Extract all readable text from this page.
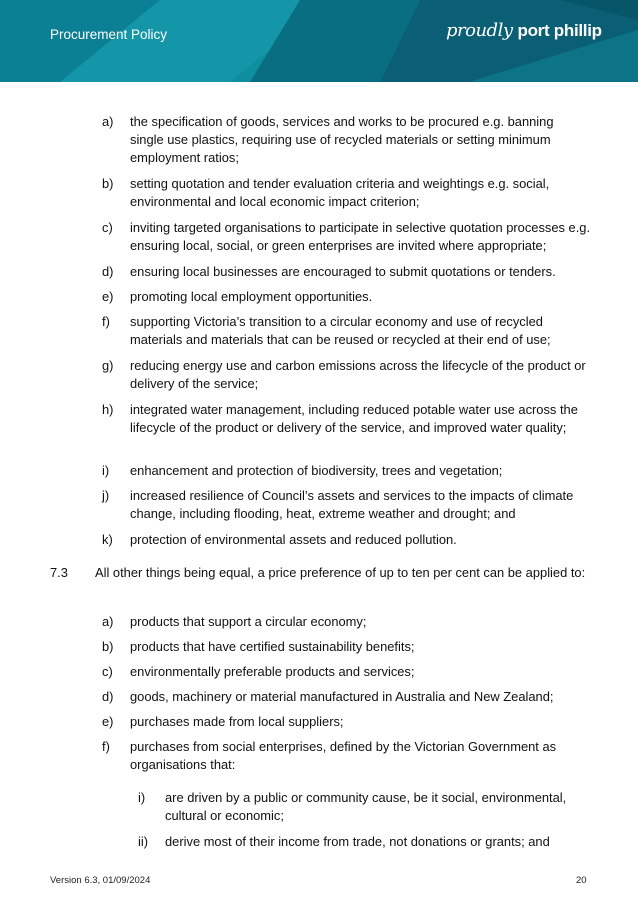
Procurement Policy	proudly port phillip
a) the specification of goods, services and works to be procured e.g. banning single use plastics, requiring use of recycled materials or setting minimum employment ratios;
b) setting quotation and tender evaluation criteria and weightings e.g. social, environmental and local economic impact criterion;
c) inviting targeted organisations to participate in selective quotation processes e.g. ensuring local, social, or green enterprises are invited where appropriate;
d) ensuring local businesses are encouraged to submit quotations or tenders.
e) promoting local employment opportunities.
f) supporting Victoria’s transition to a circular economy and use of recycled materials and materials that can be reused or recycled at their end of use;
g) reducing energy use and carbon emissions across the lifecycle of the product or delivery of the service;
h) integrated water management, including reduced potable water use across the lifecycle of the product or delivery of the service, and improved water quality;
i) enhancement and protection of biodiversity, trees and vegetation;
j) increased resilience of Council’s assets and services to the impacts of climate change, including flooding, heat, extreme weather and drought; and
k) protection of environmental assets and reduced pollution.
7.3 All other things being equal, a price preference of up to ten per cent can be applied to:
a) products that support a circular economy;
b) products that have certified sustainability benefits;
c) environmentally preferable products and services;
d) goods, machinery or material manufactured in Australia and New Zealand;
e) purchases made from local suppliers;
f) purchases from social enterprises, defined by the Victorian Government as organisations that:
i) are driven by a public or community cause, be it social, environmental, cultural or economic;
ii) derive most of their income from trade, not donations or grants; and
Version 6.3, 01/09/2024	20
